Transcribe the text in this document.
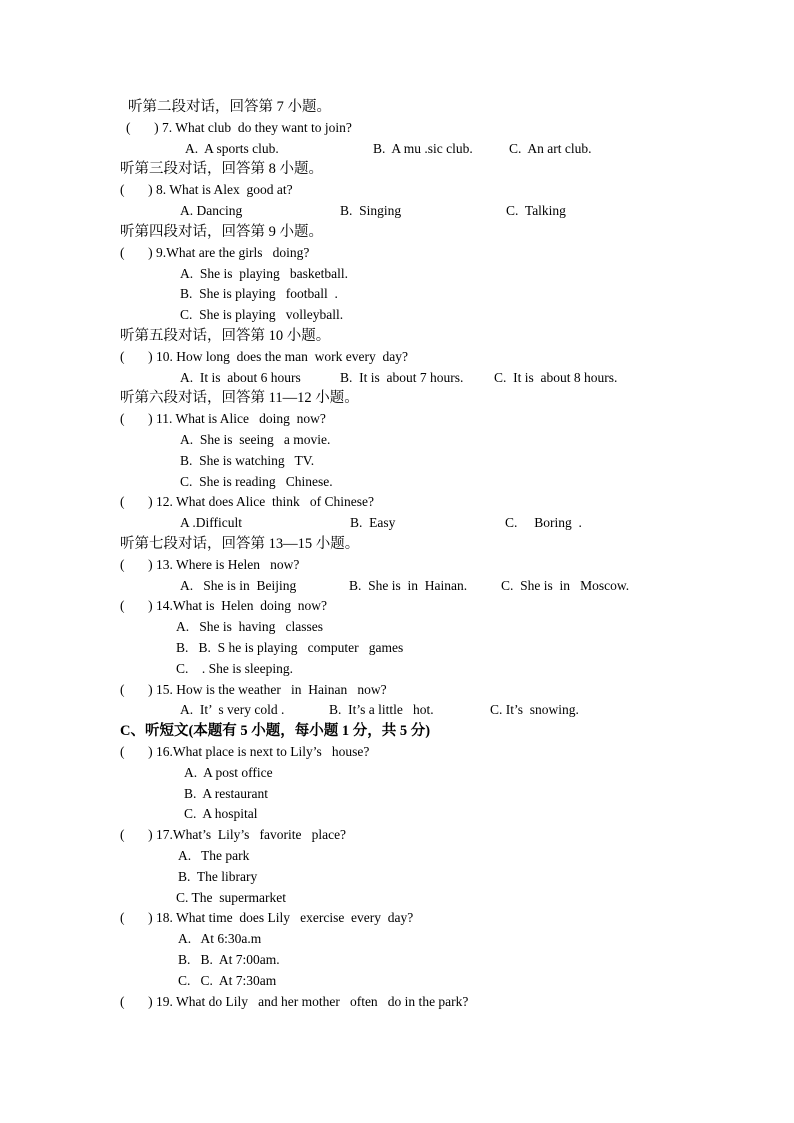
听第二段对话，回答第 7 小题。
(       ) 7. What club  do they want to join?
A.  A sports club.	B.  A mu .sic club.	C.  An art club.
听第三段对话，回答第 8 小题。
(       ) 8. What is Alex  good at?
A. Dancing	B.  Singing	C.  Talking
听第四段对话，回答第 9 小题。
(       ) 9.What are the girls   doing?
A.  She is  playing   basketball.
B.  She is playing   football  .
C.  She is playing   volleyball.
听第五段对话，回答第 10 小题。
(       ) 10. How long  does the man  work every  day?
A.  It is  about 6 hours	B.  It is  about 7 hours. C.  It is  about 8 hours.
听第六段对话，回答第 11—12 小题。
(       ) 11. What is Alice   doing  now?
A.  She is  seeing   a movie.
B.  She is watching   TV.
C.  She is reading   Chinese.
(       ) 12. What does Alice  think   of Chinese?
A .Difficult	B.  Easy	C.     Boring  .
听第七段对话，回答第 13—15 小题。
(       ) 13. Where is Helen   now?
A.   She is in  Beijing	B.  She is  in  Hainan.	C.  She is  in   Moscow.
(       ) 14.What is  Helen  doing  now?
A.   She is  having   classes
B.   B.  S he is playing   computer   games
C.    . She is sleeping.
(       ) 15. How is the weather   in  Hainan   now?
A.  It’  s very cold .	B.  It’s a little   hot.	C. It’s  snowing.
C、听短文(本题有 5 小题，每小题 1 分，共 5 分)
(       ) 16.What place is next to Lily’s   house?
A.  A post office
B.  A restaurant
C.  A hospital
(       ) 17.What’s  Lily’s   favorite   place?
A.   The park
B.  The library
C. The  supermarket
(       ) 18. What time  does Lily   exercise  every  day?
A.   At 6:30a.m
B.   B.  At 7:00am.
C.   C.  At 7:30am
(       ) 19. What do Lily   and her mother   often   do in the park?
